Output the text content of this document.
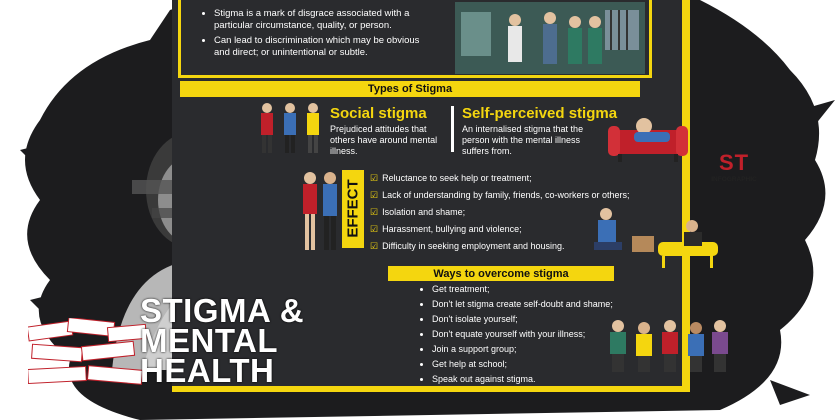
• Stigma is a mark of disgrace associated with a particular circumstance, quality, or person.
• Can lead to discrimination which may be obvious and direct; or unintentional or subtle.
Types of Stigma
Social stigma
Prejudiced attitudes that others have around mental illness.
Self-perceived stigma
An internalised stigma that the person with the mental illness suffers from.	ST
INFOGRAPHIC
EFFECT
☑ Reluctance to seek help or treatment;
☑ Lack of understanding by family, friends, co-workers or others;
☑ Isolation and shame;
☑ Harassment, bullying and violence;
☑ Difficulty in seeking employment and housing.
Ways to overcome stigma
• Get treatment;
• Don't let stigma create self-doubt and shame;
• Don't isolate yourself;
• Don't equate yourself with your illness;
• Join a support group;
• Get help at school;
• Speak out against stigma.
STIGMA &
MENTAL
HEALTH
